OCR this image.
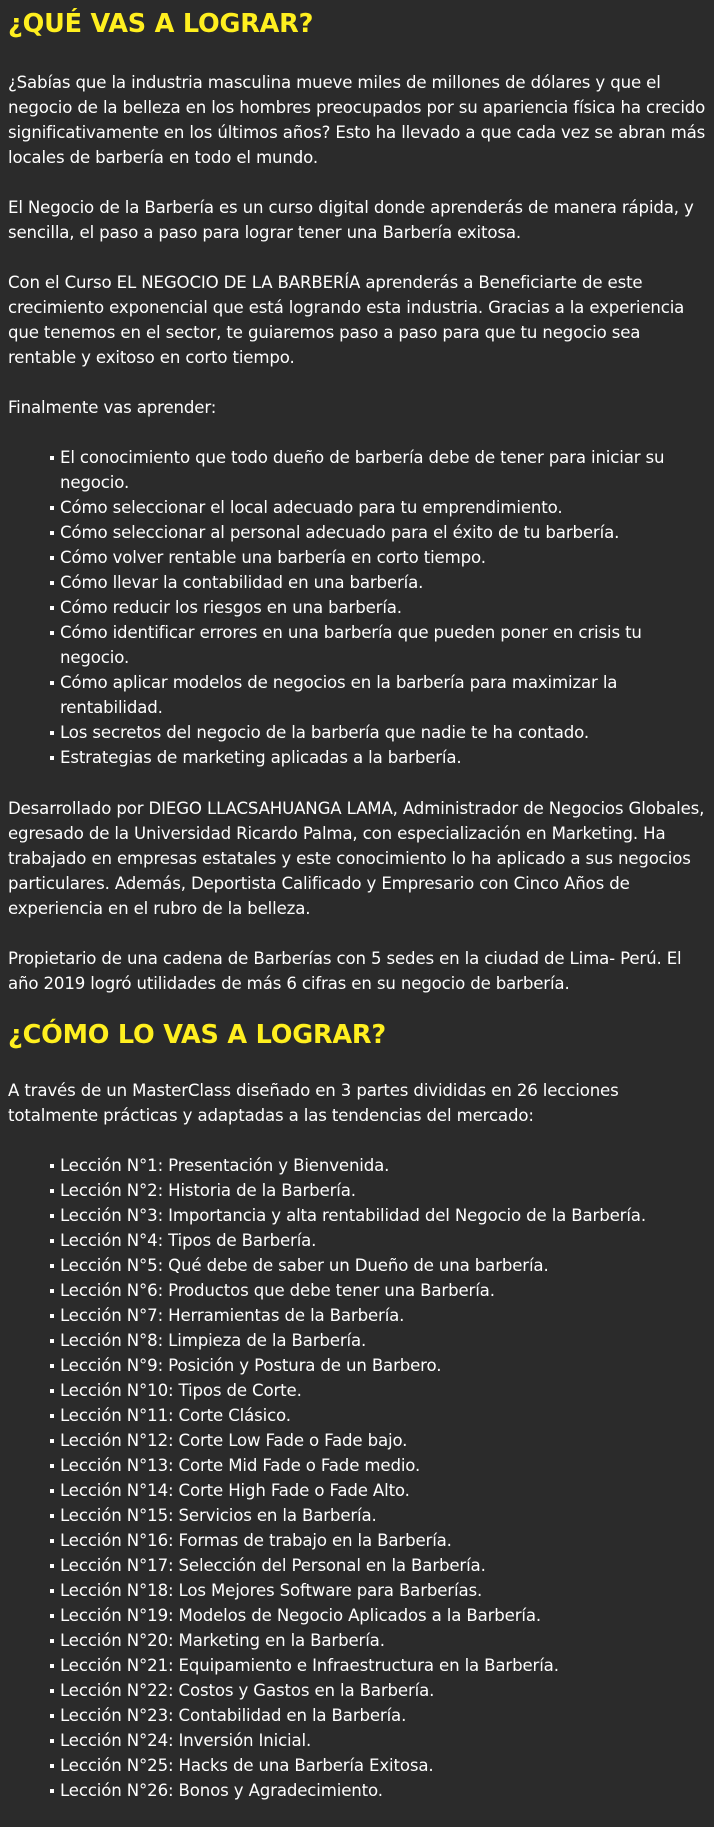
¿QUÉ VAS A LOGRAR?

¿Sabías que la industria masculina mueve miles de millones de dólares y que el negocio de la belleza en los hombres preocupados por su apariencia física ha crecido significativamente en los últimos años? Esto ha llevado a que cada vez se abran más locales de barbería en todo el mundo.

El Negocio de la Barbería es un curso digital donde aprenderás de manera rápida, y sencilla, el paso a paso para lograr tener una Barbería exitosa.

Con el Curso EL NEGOCIO DE LA BARBERÍA aprenderás a Beneficiarte de este crecimiento exponencial que está logrando esta industria. Gracias a la experiencia que tenemos en el sector, te guiaremos paso a paso para que tu negocio sea rentable y exitoso en corto tiempo.

Finalmente vas aprender:

El conocimiento que todo dueño de barbería debe de tener para iniciar su negocio.
Cómo seleccionar el local adecuado para tu emprendimiento.
Cómo seleccionar al personal adecuado para el éxito de tu barbería.
Cómo volver rentable una barbería en corto tiempo.
Cómo llevar la contabilidad en una barbería.
Cómo reducir los riesgos en una barbería.
Cómo identificar errores en una barbería que pueden poner en crisis tu negocio.
Cómo aplicar modelos de negocios en la barbería para maximizar la rentabilidad.
Los secretos del negocio de la barbería que nadie te ha contado.
Estrategias de marketing aplicadas a la barbería.

Desarrollado por DIEGO LLACSAHUANGA LAMA, Administrador de Negocios Globales, egresado de la Universidad Ricardo Palma, con especialización en Marketing. Ha trabajado en empresas estatales y este conocimiento lo ha aplicado a sus negocios particulares. Además, Deportista Calificado y Empresario con Cinco Años de experiencia en el rubro de la belleza.

Propietario de una cadena de Barberías con 5 sedes en la ciudad de Lima- Perú. El año 2019 logró utilidades de más 6 cifras en su negocio de barbería.

¿CÓMO LO VAS A LOGRAR?

A través de un MasterClass diseñado en 3 partes divididas en 26 lecciones totalmente prácticas y adaptadas a las tendencias del mercado:

Lección N°1: Presentación y Bienvenida.
Lección N°2: Historia de la Barbería.
Lección N°3: Importancia y alta rentabilidad del Negocio de la Barbería.
Lección N°4: Tipos de Barbería.
Lección N°5: Qué debe de saber un Dueño de una barbería.
Lección N°6: Productos que debe tener una Barbería.
Lección N°7: Herramientas de la Barbería.
Lección N°8: Limpieza de la Barbería.
Lección N°9: Posición y Postura de un Barbero.
Lección N°10: Tipos de Corte.
Lección N°11: Corte Clásico.
Lección N°12: Corte Low Fade o Fade bajo.
Lección N°13: Corte Mid Fade o Fade medio.
Lección N°14: Corte High Fade o Fade Alto.
Lección N°15: Servicios en la Barbería.
Lección N°16: Formas de trabajo en la Barbería.
Lección N°17: Selección del Personal en la Barbería.
Lección N°18: Los Mejores Software para Barberías.
Lección N°19: Modelos de Negocio Aplicados a la Barbería.
Lección N°20: Marketing en la Barbería.
Lección N°21: Equipamiento e Infraestructura en la Barbería.
Lección N°22: Costos y Gastos en la Barbería.
Lección N°23: Contabilidad en la Barbería.
Lección N°24: Inversión Inicial.
Lección N°25: Hacks de una Barbería Exitosa.
Lección N°26: Bonos y Agradecimiento.
